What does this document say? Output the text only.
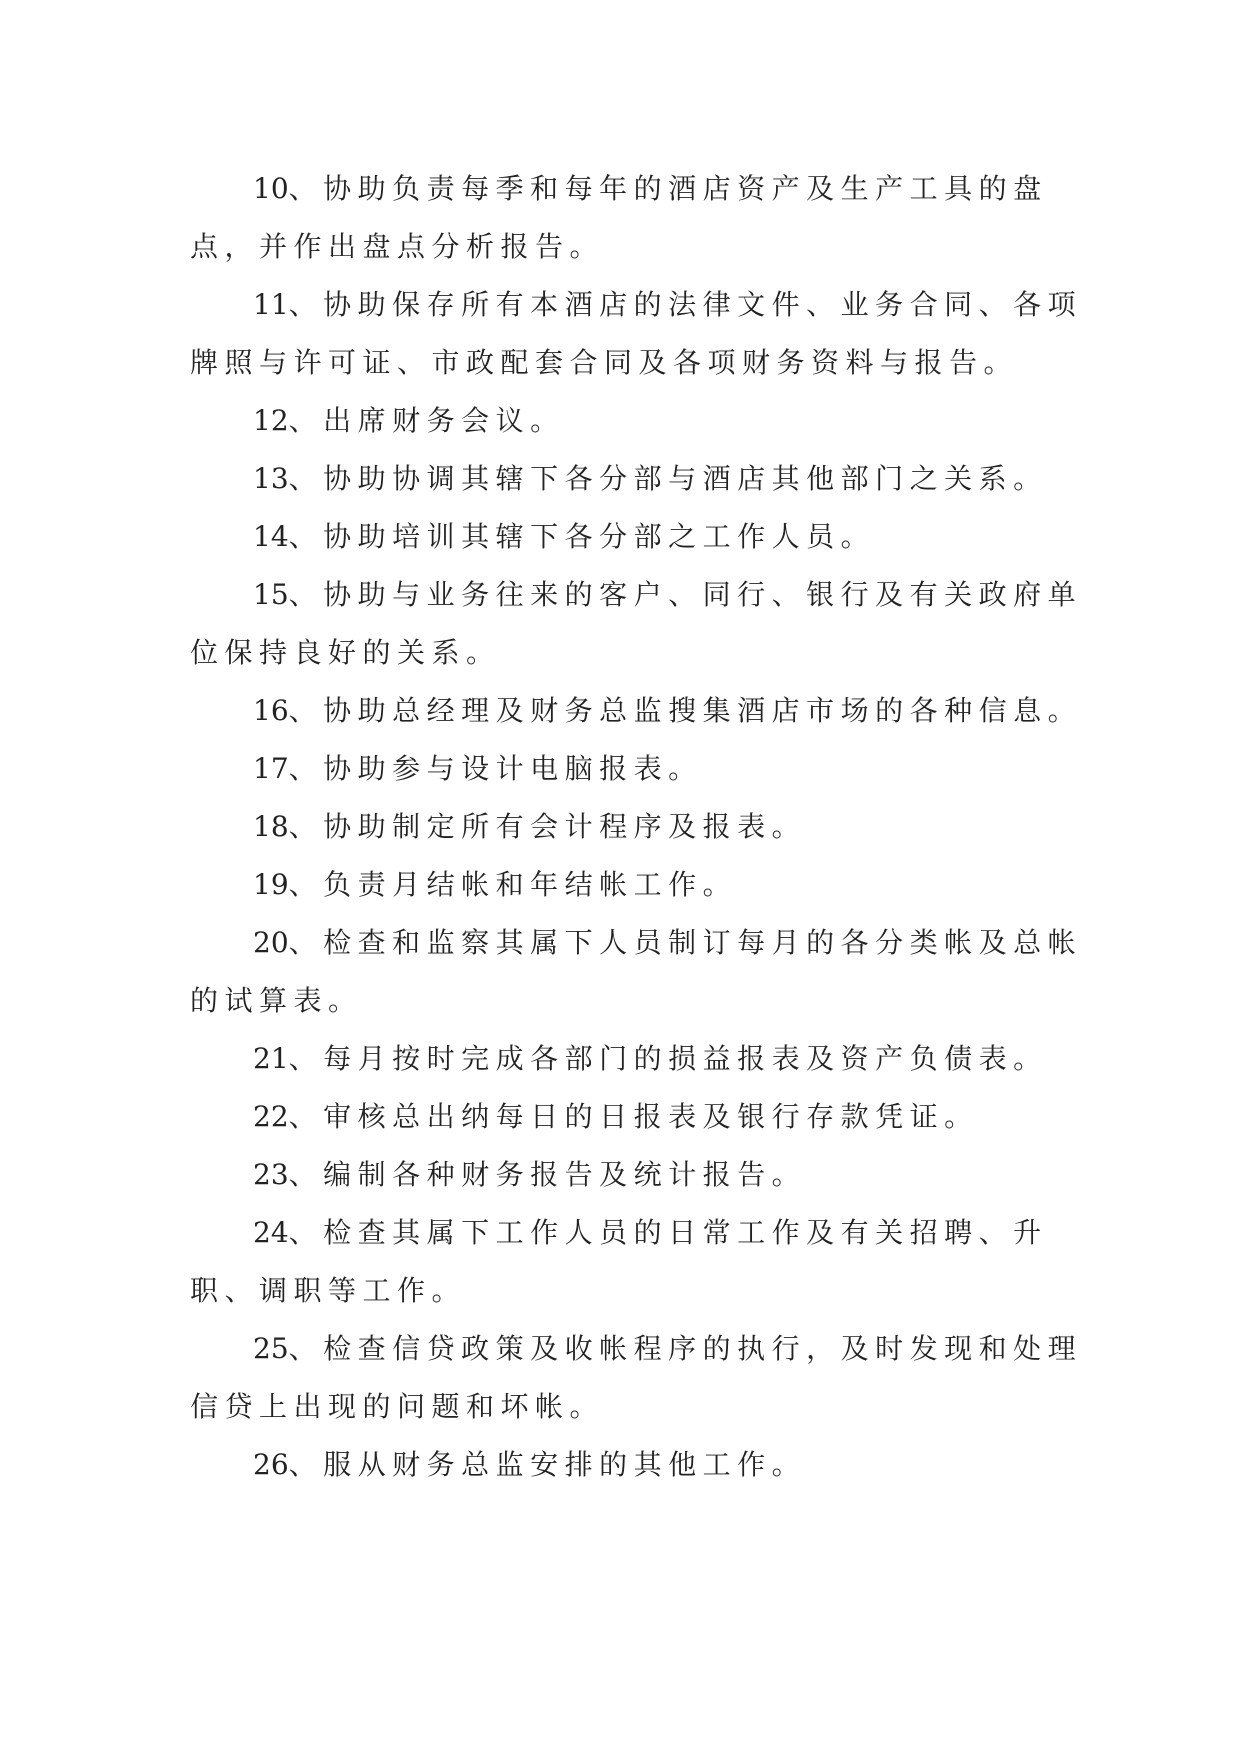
10、协助负责每季和每年的酒店资产及生产工具的盘点，并作出盘点分析报告。

11、协助保存所有本酒店的法律文件、业务合同、各项牌照与许可证、市政配套合同及各项财务资料与报告。

12、出席财务会议。

13、协助协调其辖下各分部与酒店其他部门之关系。

14、协助培训其辖下各分部之工作人员。

15、协助与业务往来的客户、同行、银行及有关政府单位保持良好的关系。

16、协助总经理及财务总监搜集酒店市场的各种信息。

17、协助参与设计电脑报表。

18、协助制定所有会计程序及报表。

19、负责月结帐和年结帐工作。

20、检查和监察其属下人员制订每月的各分类帐及总帐的试算表。

21、每月按时完成各部门的损益报表及资产负债表。

22、审核总出纳每日的日报表及银行存款凭证。

23、编制各种财务报告及统计报告。

24、检查其属下工作人员的日常工作及有关招聘、升职、调职等工作。

25、检查信贷政策及收帐程序的执行，及时发现和处理信贷上出现的问题和坏帐。

26、服从财务总监安排的其他工作。
